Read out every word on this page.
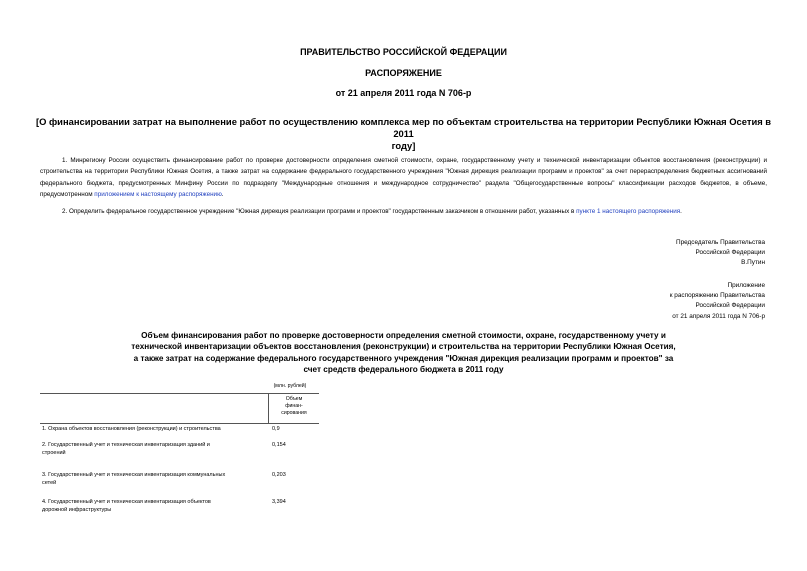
ПРАВИТЕЛЬСТВО РОССИЙСКОЙ ФЕДЕРАЦИИ
РАСПОРЯЖЕНИЕ
от 21 апреля 2011 года N 706-р
[О финансировании затрат на выполнение работ по осуществлению комплекса мер по объектам строительства на территории Республики Южная Осетия в 2011
году]
1. Минрегиону России осуществить финансирование работ по проверке достоверности определения сметной стоимости, охране, государственному учету и технической инвентаризации объектов восстановления (реконструкции) и строительства на территории Республики Южная Осетия, а также затрат на содержание федерального государственного учреждения "Южная дирекция реализации программ и проектов" за счет перераспределения бюджетных ассигнований федерального бюджета, предусмотренных Минфину России по подразделу "Международные отношения и международное сотрудничество" раздела "Общегосударственные вопросы" классификации расходов бюджетов, в объеме, предусмотренном приложением к настоящему распоряжению.
2. Определить федеральное государственное учреждение "Южная дирекция реализации программ и проектов" государственным заказчиком в отношении работ, указанных в пункте 1 настоящего распоряжения.
Председатель Правительства
Российской Федерации
В.Путин
Приложение
к распоряжению Правительства
Российской Федерации
от 21 апреля 2011 года N 706-р
Объем финансирования работ по проверке достоверности определения сметной стоимости, охране, государственному учету и
технической инвентаризации объектов восстановления (реконструкции) и строительства на территории Республики Южная Осетия,
а также затрат на содержание федерального государственного учреждения "Южная дирекция реализации программ и проектов" за
счет средств федерального бюджета в 2011 году
(млн. рублей)
Объем
финан-
сирования
1. Охрана объектов восстановления (реконструкции) и строительства	0,9
2. Государственный учет и техническая инвентаризация зданий и
строений
0,154
3. Государственный учет и техническая инвентаризация коммунальных
сетей
0,203
4. Государственный учет и техническая инвентаризация объектов
дорожной инфраструктуры
3,394
